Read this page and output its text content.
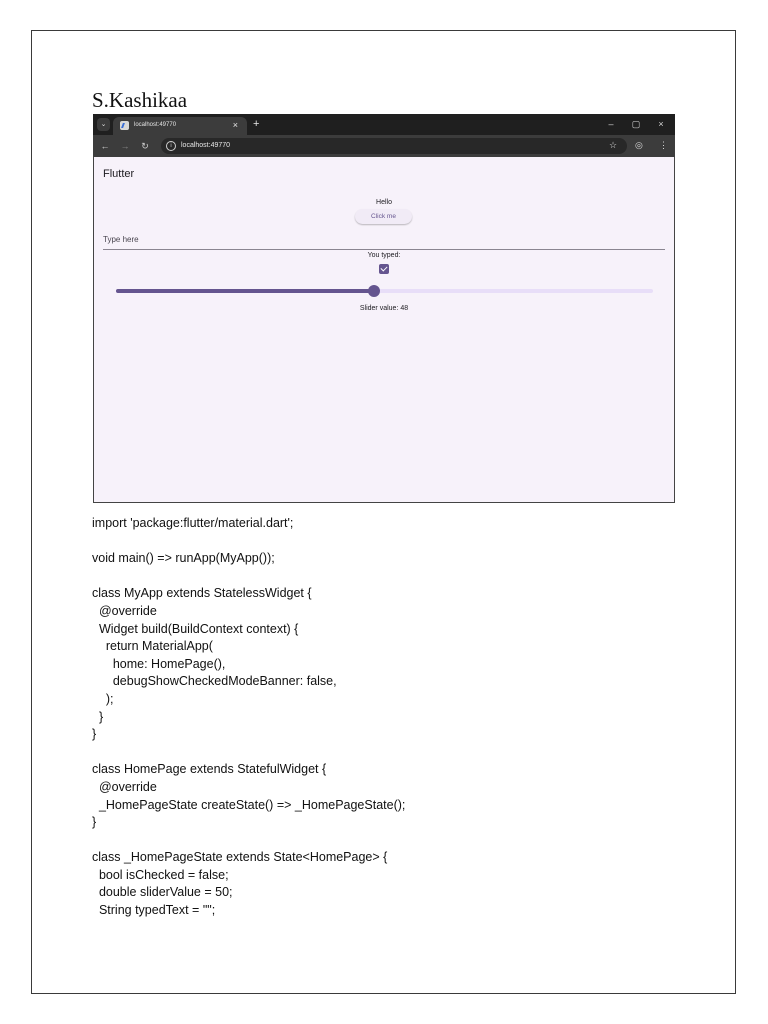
S.Kashikaa
⌄	localhost:49770	× +	–	▢	×
← →	↻	i	localhost:49770	☆ ◎ ⋮
Flutter
Hello
Click me
Type here
You typed:
Slider value: 48
import 'package:flutter/material.dart';
void main() => runApp(MyApp());
class MyApp extends StatelessWidget {
@override
Widget build(BuildContext context) {
return MaterialApp(
home: HomePage(),
debugShowCheckedModeBanner: false,
);
}
}
class HomePage extends StatefulWidget {
@override
_HomePageState createState() => _HomePageState();
}
class _HomePageState extends State<HomePage> {
bool isChecked = false;
double sliderValue = 50;
String typedText = "";
